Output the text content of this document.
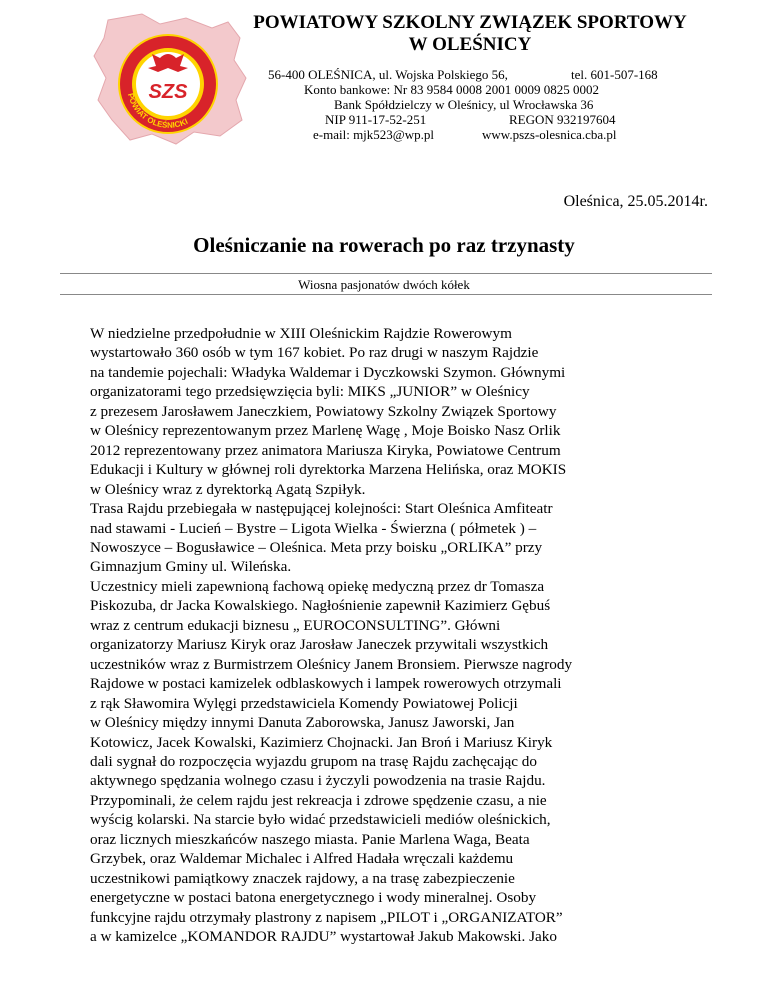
SZS
POWIAT OLEŚNICKI
POWIATOWY SZKOLNY ZWIĄZEK SPORTOWY
W OLEŚNICY
56-400 OLEŚNICA, ul. Wojska Polskiego 56,	tel. 601-507-168
Konto bankowe: Nr 83 9584 0008 2001 0009 0825 0002
Bank Spółdzielczy w Oleśnicy, ul Wrocławska 36
NIP 911-17-52-251	REGON 932197604
e-mail: mjk523@wp.pl	www.pszs-olesnica.cba.pl
Oleśnica, 25.05.2014r.
Oleśniczanie na rowerach po raz trzynasty
Wiosna pasjonatów dwóch kółek
W niedzielne przedpołudnie w XIII Oleśnickim Rajdzie Rowerowym
wystartowało 360 osób w tym 167 kobiet. Po raz drugi w naszym Rajdzie
na tandemie pojechali: Władyka Waldemar i Dyczkowski Szymon. Głównymi
organizatorami tego przedsięwzięcia byli: MIKS „JUNIOR” w Oleśnicy
z prezesem Jarosławem Janeczkiem, Powiatowy Szkolny Związek Sportowy
w Oleśnicy reprezentowanym przez Marlenę Wagę , Moje Boisko Nasz Orlik
2012 reprezentowany przez animatora Mariusza Kiryka, Powiatowe Centrum
Edukacji i Kultury w głównej roli dyrektorka Marzena Helińska, oraz MOKIS
w Oleśnicy wraz z dyrektorką Agatą Szpiłyk.
Trasa Rajdu przebiegała w następującej kolejności: Start Oleśnica Amfiteatr
nad stawami - Lucień – Bystre – Ligota Wielka - Świerzna ( półmetek ) –
Nowoszyce – Bogusławice – Oleśnica. Meta przy boisku „ORLIKA” przy
Gimnazjum Gminy ul. Wileńska.
Uczestnicy mieli zapewnioną fachową opiekę medyczną przez dr Tomasza
Piskozuba, dr Jacka Kowalskiego. Nagłośnienie zapewnił Kazimierz Gębuś
wraz z centrum edukacji biznesu „ EUROCONSULTING”. Główni
organizatorzy Mariusz Kiryk oraz Jarosław Janeczek przywitali wszystkich
uczestników wraz z Burmistrzem Oleśnicy Janem Bronsiem. Pierwsze nagrody
Rajdowe w postaci kamizelek odblaskowych i lampek rowerowych otrzymali
z rąk Sławomira Wylęgi przedstawiciela Komendy Powiatowej Policji
w Oleśnicy między innymi Danuta Zaborowska, Janusz Jaworski, Jan
Kotowicz, Jacek Kowalski, Kazimierz Chojnacki. Jan Broń i Mariusz Kiryk
dali sygnał do rozpoczęcia wyjazdu grupom na trasę Rajdu zachęcając do
aktywnego spędzania wolnego czasu i życzyli powodzenia na trasie Rajdu.
Przypominali, że celem rajdu jest rekreacja i zdrowe spędzenie czasu, a nie
wyścig kolarski. Na starcie było widać przedstawicieli mediów oleśnickich,
oraz licznych mieszkańców naszego miasta. Panie Marlena Waga, Beata
Grzybek, oraz Waldemar Michalec i Alfred Hadała wręczali każdemu
uczestnikowi pamiątkowy znaczek rajdowy, a na trasę zabezpieczenie
energetyczne w postaci batona energetycznego i wody mineralnej. Osoby
funkcyjne rajdu otrzymały plastrony z napisem „PILOT i „ORGANIZATOR”
a w kamizelce „KOMANDOR RAJDU” wystartował Jakub Makowski. Jako
